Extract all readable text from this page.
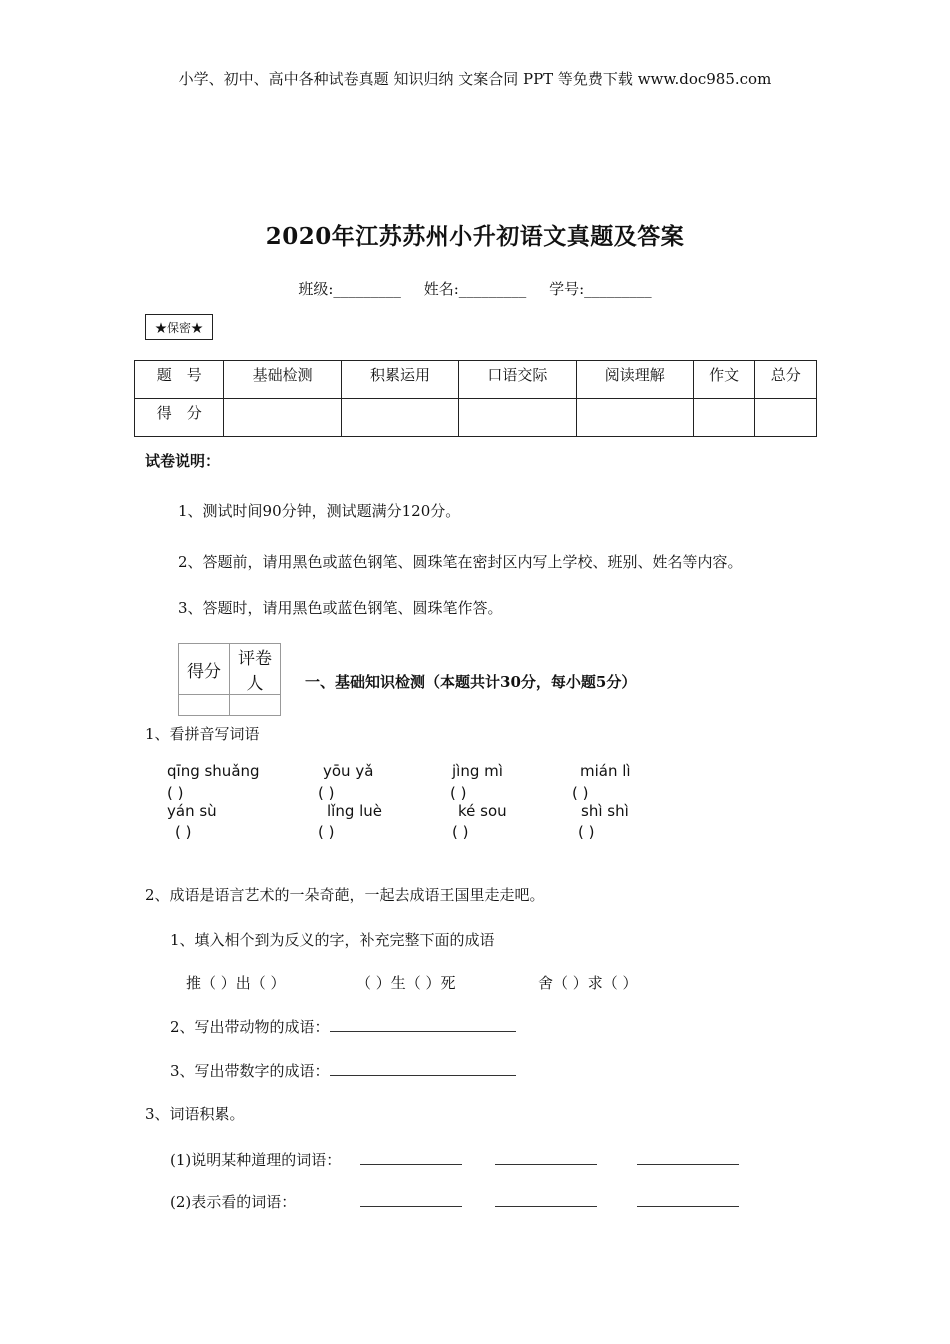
小学、初中、高中各种试卷真题 知识归纳 文案合同 PPT 等免费下载 www.doc985.com
2020年江苏苏州小升初语文真题及答案
班级:_________ 姓名:_________ 学号:_________
★保密★
题　号	基础检测	积累运用	口语交际	阅读理解	作文	总分
得　分						
试卷说明：
1、测试时间90分钟，测试题满分120分。
2、答题前，请用黑色或蓝色钢笔、圆珠笔在密封区内写上学校、班别、姓名等内容。
3、答题时，请用黑色或蓝色钢笔、圆珠笔作答。
得分	评卷人
		一、基础知识检测（本题共计30分，每小题5分）
1、看拼音写词语
qīng shuǎng	yōu yǎ	jìng mì	mián lì
( )	( )	( )	( )
yán sù	lǐng luè	ké sou	shì shì
( )	( )	( )	( )
2、成语是语言艺术的一朵奇葩，一起去成语王国里走走吧。
1、填入相个到为反义的字，补充完整下面的成语
推（ ）出（ ）	（ ）生（ ）死	舍（ ）求（ ）
2、写出带动物的成语：
3、写出带数字的成语：
3、词语积累。
(1)说明某种道理的词语：
(2)表示看的词语：
